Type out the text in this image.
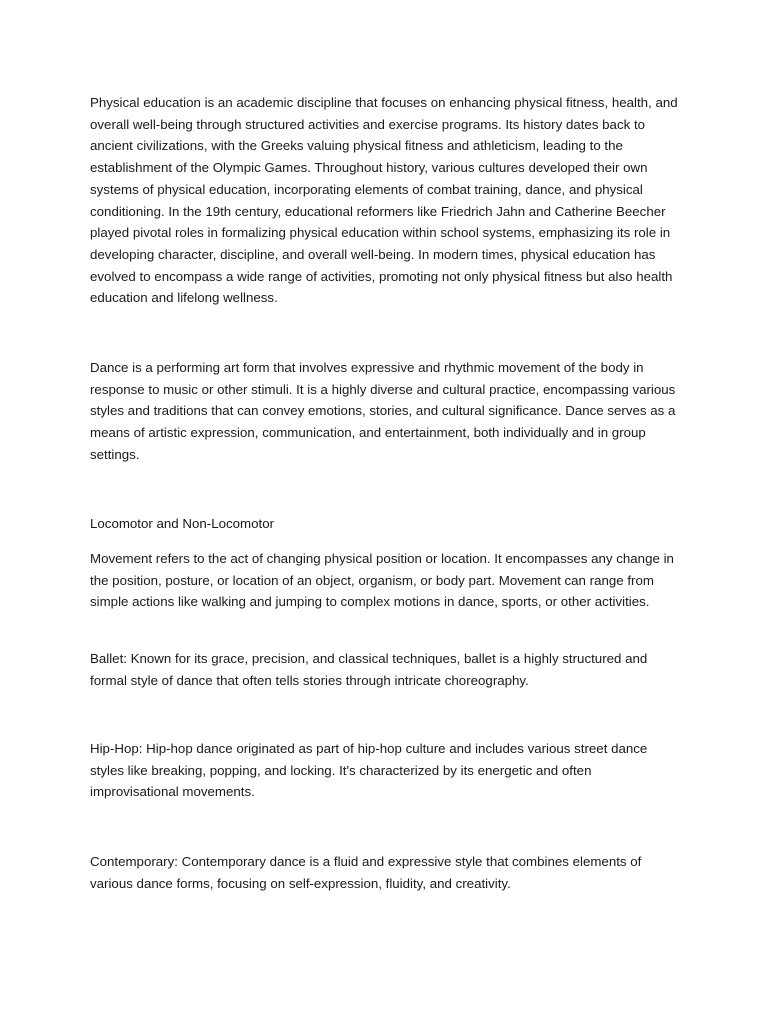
Physical education is an academic discipline that focuses on enhancing physical fitness, health, and overall well-being through structured activities and exercise programs. Its history dates back to ancient civilizations, with the Greeks valuing physical fitness and athleticism, leading to the establishment of the Olympic Games. Throughout history, various cultures developed their own systems of physical education, incorporating elements of combat training, dance, and physical conditioning. In the 19th century, educational reformers like Friedrich Jahn and Catherine Beecher played pivotal roles in formalizing physical education within school systems, emphasizing its role in developing character, discipline, and overall well-being. In modern times, physical education has evolved to encompass a wide range of activities, promoting not only physical fitness but also health education and lifelong wellness.

Dance is a performing art form that involves expressive and rhythmic movement of the body in response to music or other stimuli. It is a highly diverse and cultural practice, encompassing various styles and traditions that can convey emotions, stories, and cultural significance. Dance serves as a means of artistic expression, communication, and entertainment, both individually and in group settings.

Locomotor and Non-Locomotor

Movement refers to the act of changing physical position or location. It encompasses any change in the position, posture, or location of an object, organism, or body part. Movement can range from simple actions like walking and jumping to complex motions in dance, sports, or other activities.

Ballet: Known for its grace, precision, and classical techniques, ballet is a highly structured and formal style of dance that often tells stories through intricate choreography.

Hip-Hop: Hip-hop dance originated as part of hip-hop culture and includes various street dance styles like breaking, popping, and locking. It's characterized by its energetic and often improvisational movements.

Contemporary: Contemporary dance is a fluid and expressive style that combines elements of various dance forms, focusing on self-expression, fluidity, and creativity.
